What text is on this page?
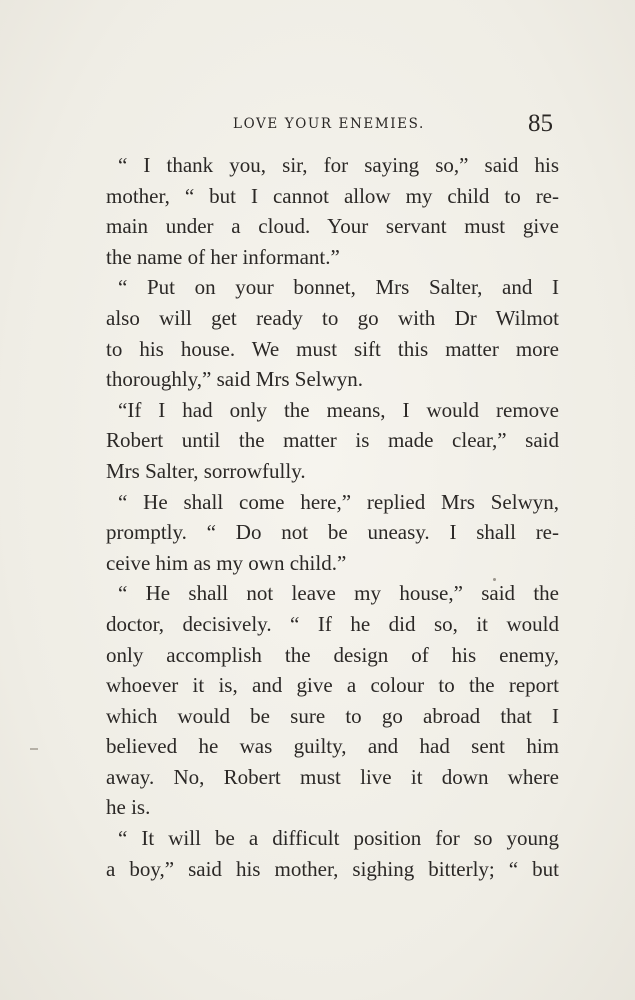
LOVE YOUR ENEMIES.	85
“ I thank you, sir, for saying so,” said his
mother, “ but I cannot allow my child to re-
main under a cloud. Your servant must give
the name of her informant.”
“ Put on your bonnet, Mrs Salter, and I
also will get ready to go with Dr Wilmot
to his house. We must sift this matter more
thoroughly,” said Mrs Selwyn.
“If I had only the means, I would remove
Robert until the matter is made clear,” said
Mrs Salter, sorrowfully.
“ He shall come here,” replied Mrs Selwyn,
promptly. “ Do not be uneasy. I shall re-
ceive him as my own child.”
“ He shall not leave my house,” said the
doctor, decisively. “ If he did so, it would
only accomplish the design of his enemy,
whoever it is, and give a colour to the report
which would be sure to go abroad that I
believed he was guilty, and had sent him
away. No, Robert must live it down where
he is.
“ It will be a difficult position for so young
a boy,” said his mother, sighing bitterly; “ but
